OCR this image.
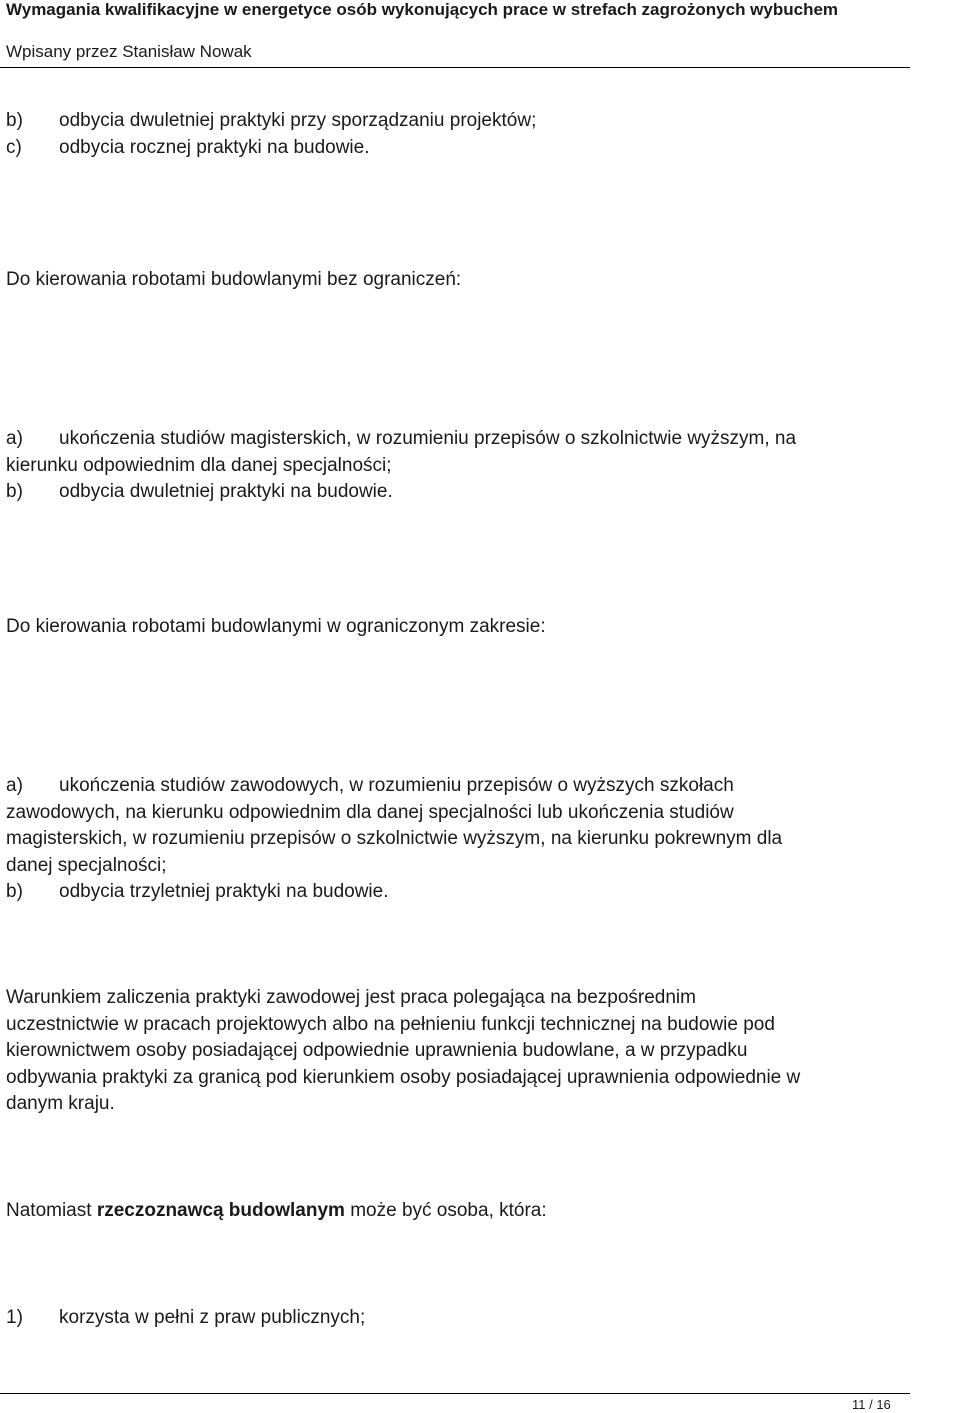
Wymagania kwalifikacyjne w energetyce osób wykonujących prace w strefach zagrożonych wybuchem
Wpisany przez Stanisław Nowak
b) odbycia dwuletniej praktyki przy sporządzaniu projektów;
c) odbycia rocznej praktyki na budowie.
Do kierowania robotami budowlanymi bez ograniczeń:
a) ukończenia studiów magisterskich, w rozumieniu przepisów o szkolnictwie wyższym, na
kierunku odpowiednim dla danej specjalności;
b) odbycia dwuletniej praktyki na budowie.
Do kierowania robotami budowlanymi w ograniczonym zakresie:
a) ukończenia studiów zawodowych, w rozumieniu przepisów o wyższych szkołach
zawodowych, na kierunku odpowiednim dla danej specjalności lub ukończenia studiów
magisterskich, w rozumieniu przepisów o szkolnictwie wyższym, na kierunku pokrewnym dla
danej specjalności;
b) odbycia trzyletniej praktyki na budowie.
Warunkiem zaliczenia praktyki zawodowej jest praca polegająca na bezpośrednim
uczestnictwie w pracach projektowych albo na pełnieniu funkcji technicznej na budowie pod
kierownictwem osoby posiadającej odpowiednie uprawnienia budowlane, a w przypadku
odbywania praktyki za granicą pod kierunkiem osoby posiadającej uprawnienia odpowiednie w
danym kraju.
Natomiast rzeczoznawcą budowlanym może być osoba, która:
1) korzysta w pełni z praw publicznych;
11 / 16
